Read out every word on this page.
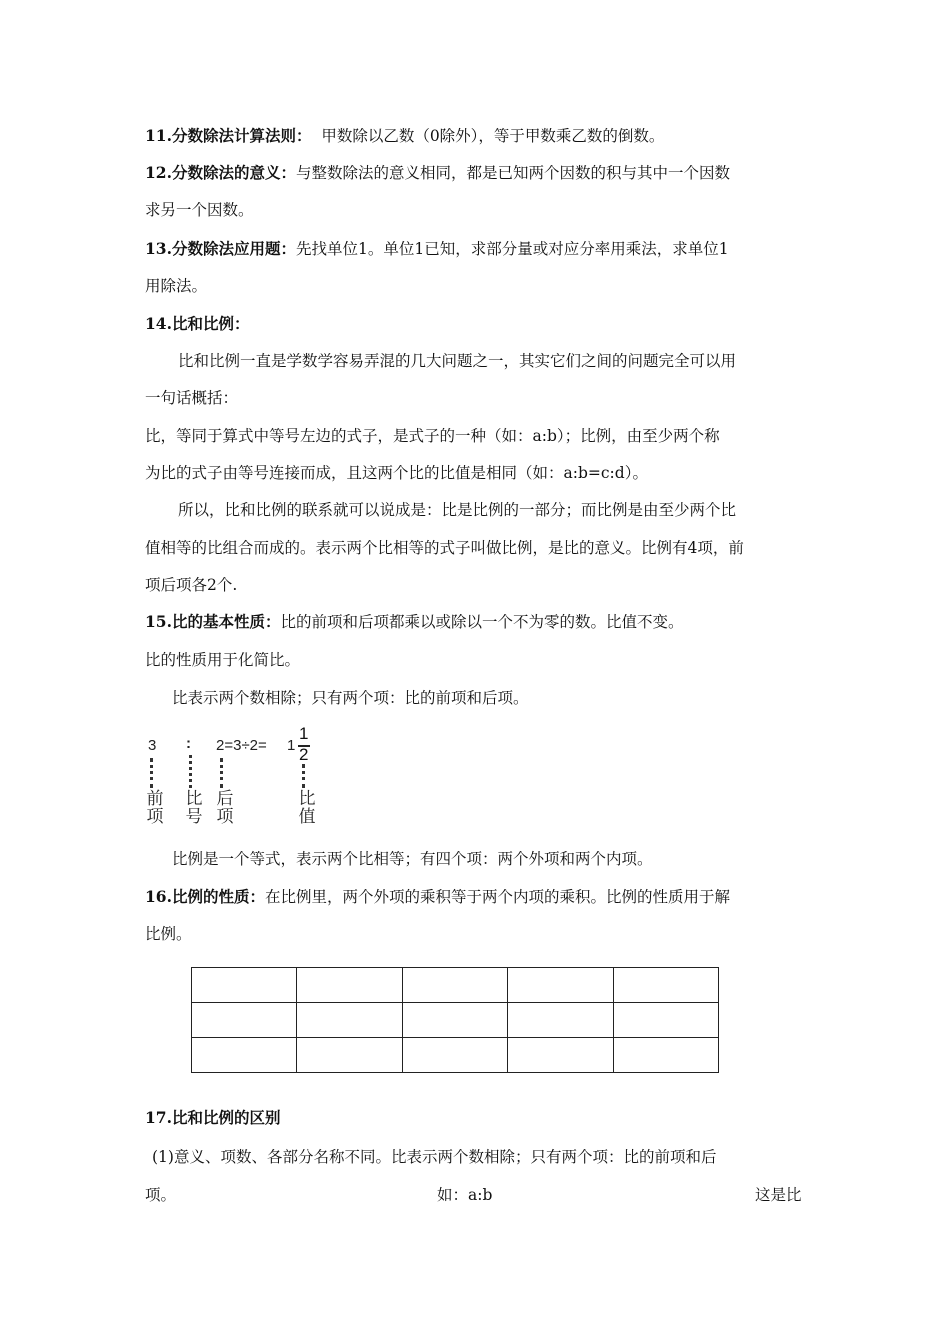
11.分数除法计算法则：  甲数除以乙数（0除外），等于甲数乘乙数的倒数。
12.分数除法的意义：与整数除法的意义相同，都是已知两个因数的积与其中一个因数
求另一个因数。
13.分数除法应用题：先找单位1。单位1已知，求部分量或对应分率用乘法，求单位1
用除法。
14.比和比例：
比和比例一直是学数学容易弄混的几大问题之一，其实它们之间的问题完全可以用
一句话概括：
比，等同于算式中等号左边的式子，是式子的一种（如：a:b）；比例，由至少两个称
为比的式子由等号连接而成，且这两个比的比值是相同（如：a:b=c:d）。
所以，比和比例的联系就可以说成是：比是比例的一部分；而比例是由至少两个比
值相等的比组合而成的。表示两个比相等的式子叫做比例，是比的意义。比例有4项，前
项后项各2个.
15.比的基本性质：比的前项和后项都乘以或除以一个不为零的数。比值不变。
比的性质用于化简比。
比表示两个数相除；只有两个项：比的前项和后项。
3 : 2=3÷2= 1
1
2
前项
比号
后项
比值
比例是一个等式，表示两个比相等；有四个项：两个外项和两个内项。
16.比例的性质：在比例里，两个外项的乘积等于两个内项的乘积。比例的性质用于解
比例。

17.比和比例的区别
(1)意义、项数、各部分名称不同。比表示两个数相除；只有两个项：比的前项和后
项。	如：a:b	这是比
